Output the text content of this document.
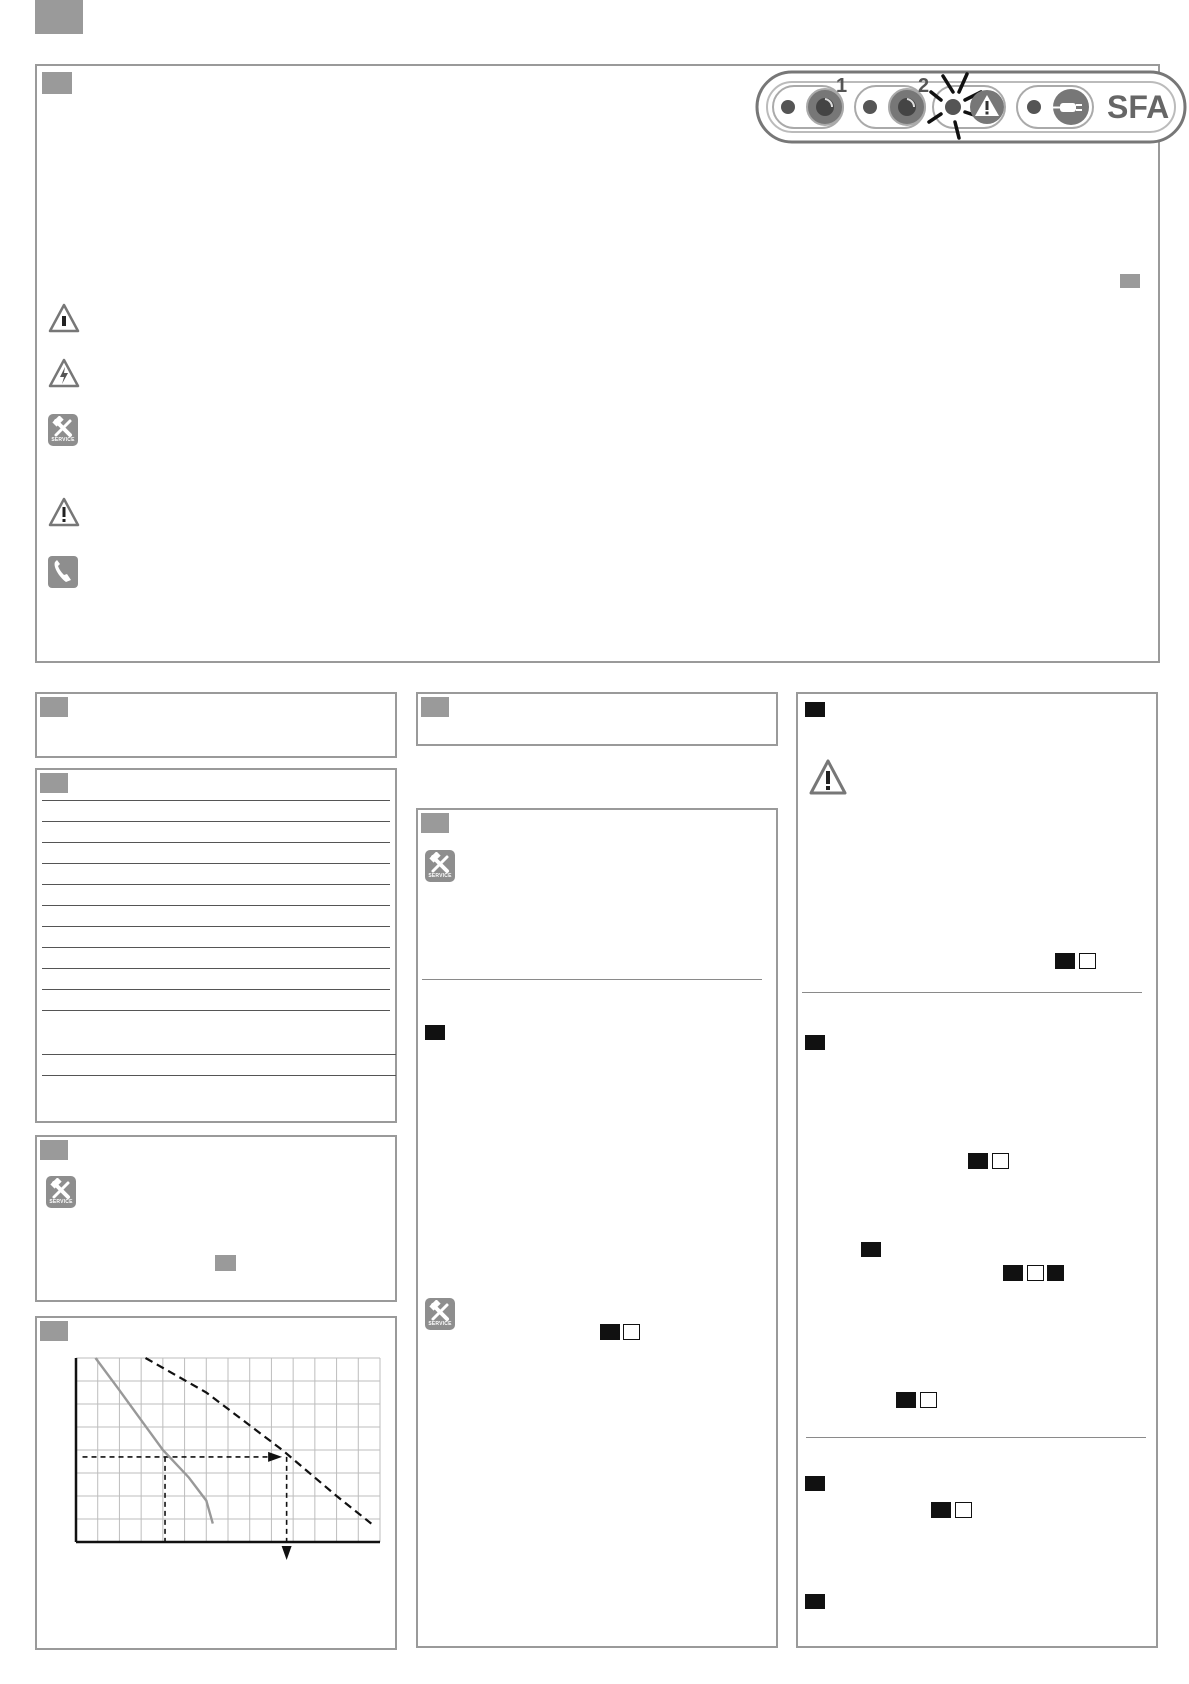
1	2
SFA
SERVICE
SERVICE
SERVICE
SERVICE
